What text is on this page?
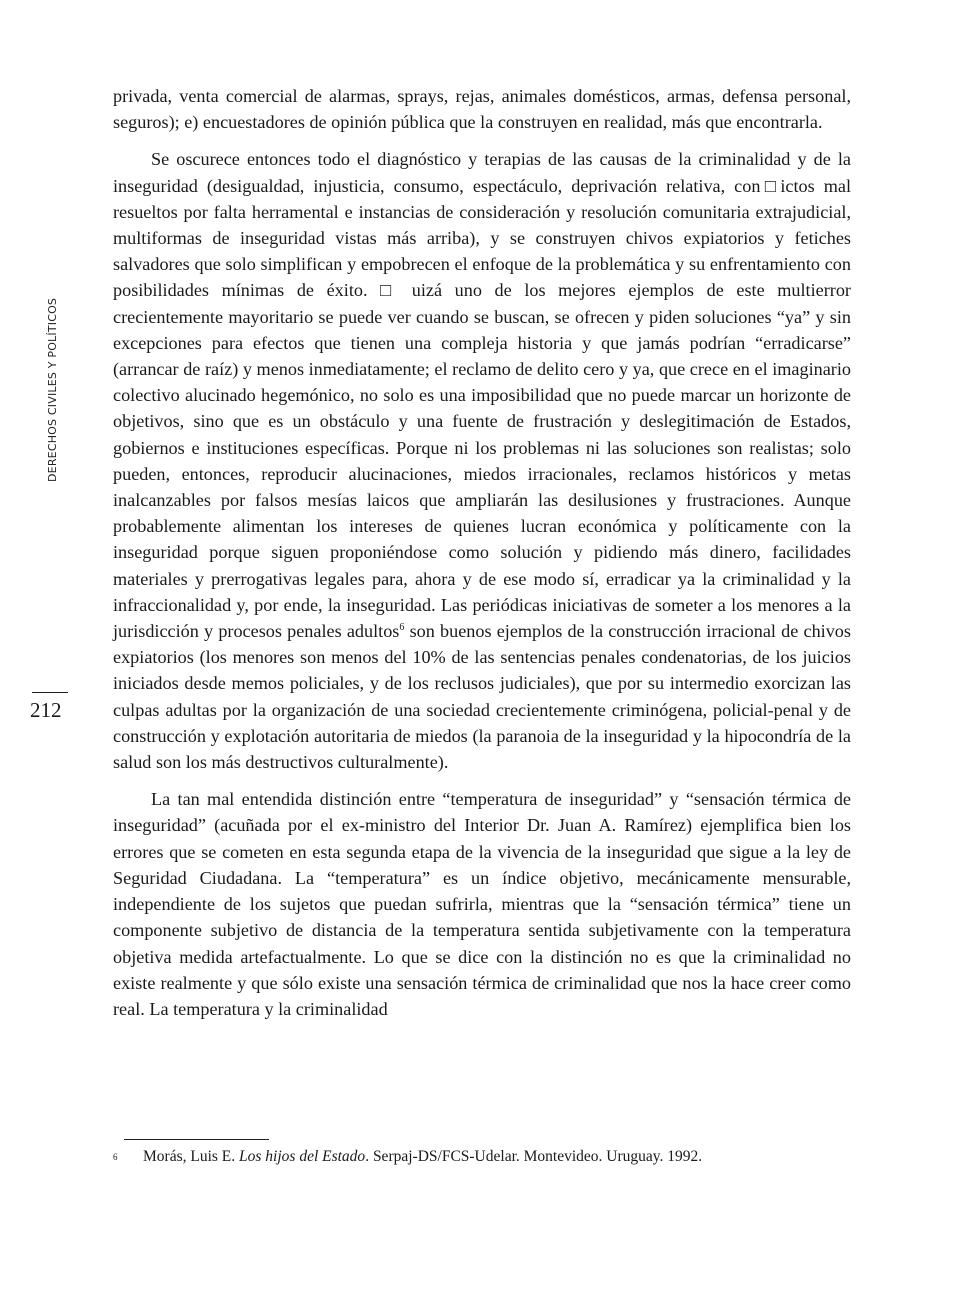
DERECHOS CIVILES Y POLÍTICOS
212

privada, venta comercial de alarmas, sprays, rejas, animales domésticos, armas, defensa personal, seguros); e) encuestadores de opinión pública que la construyen en realidad, más que encontrarla.

Se oscurece entonces todo el diagnóstico y terapias de las causas de la criminalidad y de la inseguridad (desigualdad, injusticia, consumo, espectáculo, deprivación relativa, con□ictos mal resueltos por falta herramental e instancias de consideración y resolución comunitaria extrajudicial, multiformas de inseguridad vistas más arriba), y se construyen chivos expiatorios y fetiches salvadores que solo simplifican y empobrecen el enfoque de la problemática y su enfrentamiento con posibilidades mínimas de éxito. □ uizá uno de los mejores ejemplos de este multierror crecientemente mayoritario se puede ver cuando se buscan, se ofrecen y piden soluciones “ya” y sin excepciones para efectos que tienen una compleja historia y que jamás podrían “erradicarse” (arrancar de raíz) y menos inmediatamente; el reclamo de delito cero y ya, que crece en el imaginario colectivo alucinado hegemónico, no solo es una imposibilidad que no puede marcar un horizonte de objetivos, sino que es un obstáculo y una fuente de frustración y deslegitimación de Estados, gobiernos e instituciones específicas. Porque ni los problemas ni las soluciones son realistas; solo pueden, entonces, reproducir alucinaciones, miedos irracionales, reclamos históricos y metas inalcanzables por falsos mesías laicos que ampliarán las desilusiones y frustraciones. Aunque probablemente alimentan los intereses de quienes lucran económica y políticamente con la inseguridad porque siguen proponiéndose como solución y pidiendo más dinero, facilidades materiales y prerrogativas legales para, ahora y de ese modo sí, erradicar ya la criminalidad y la infraccionalidad y, por ende, la inseguridad. Las periódicas iniciativas de someter a los menores a la jurisdicción y procesos penales adultos$^6$ son buenos ejemplos de la construcción irracional de chivos expiatorios (los menores son menos del 10% de las sentencias penales condenatorias, de los juicios iniciados desde memos policiales, y de los reclusos judiciales), que por su intermedio exorcizan las culpas adultas por la organización de una sociedad crecientemente criminógena, policial-penal y de construcción y explotación autoritaria de miedos (la paranoia de la inseguridad y la hipocondría de la salud son los más destructivos culturalmente).

La tan mal entendida distinción entre “temperatura de inseguridad” y “sensación térmica de inseguridad” (acuñada por el ex-ministro del Interior Dr. Juan A. Ramírez) ejemplifica bien los errores que se cometen en esta segunda etapa de la vivencia de la inseguridad que sigue a la ley de Seguridad Ciudadana. La “temperatura” es un índice objetivo, mecánicamente mensurable, independiente de los sujetos que puedan sufrirla, mientras que la “sensación térmica” tiene un componente subjetivo de distancia de la temperatura sentida subjetivamente con la temperatura objetiva medida artefactualmente. Lo que se dice con la distinción no es que la criminalidad no existe realmente y que sólo existe una sensación térmica de criminalidad que nos la hace creer como real. La temperatura y la criminalidad

6 Morás, Luis E. Los hijos del Estado. Serpaj-DS/FCS-Udelar. Montevideo. Uruguay. 1992.
